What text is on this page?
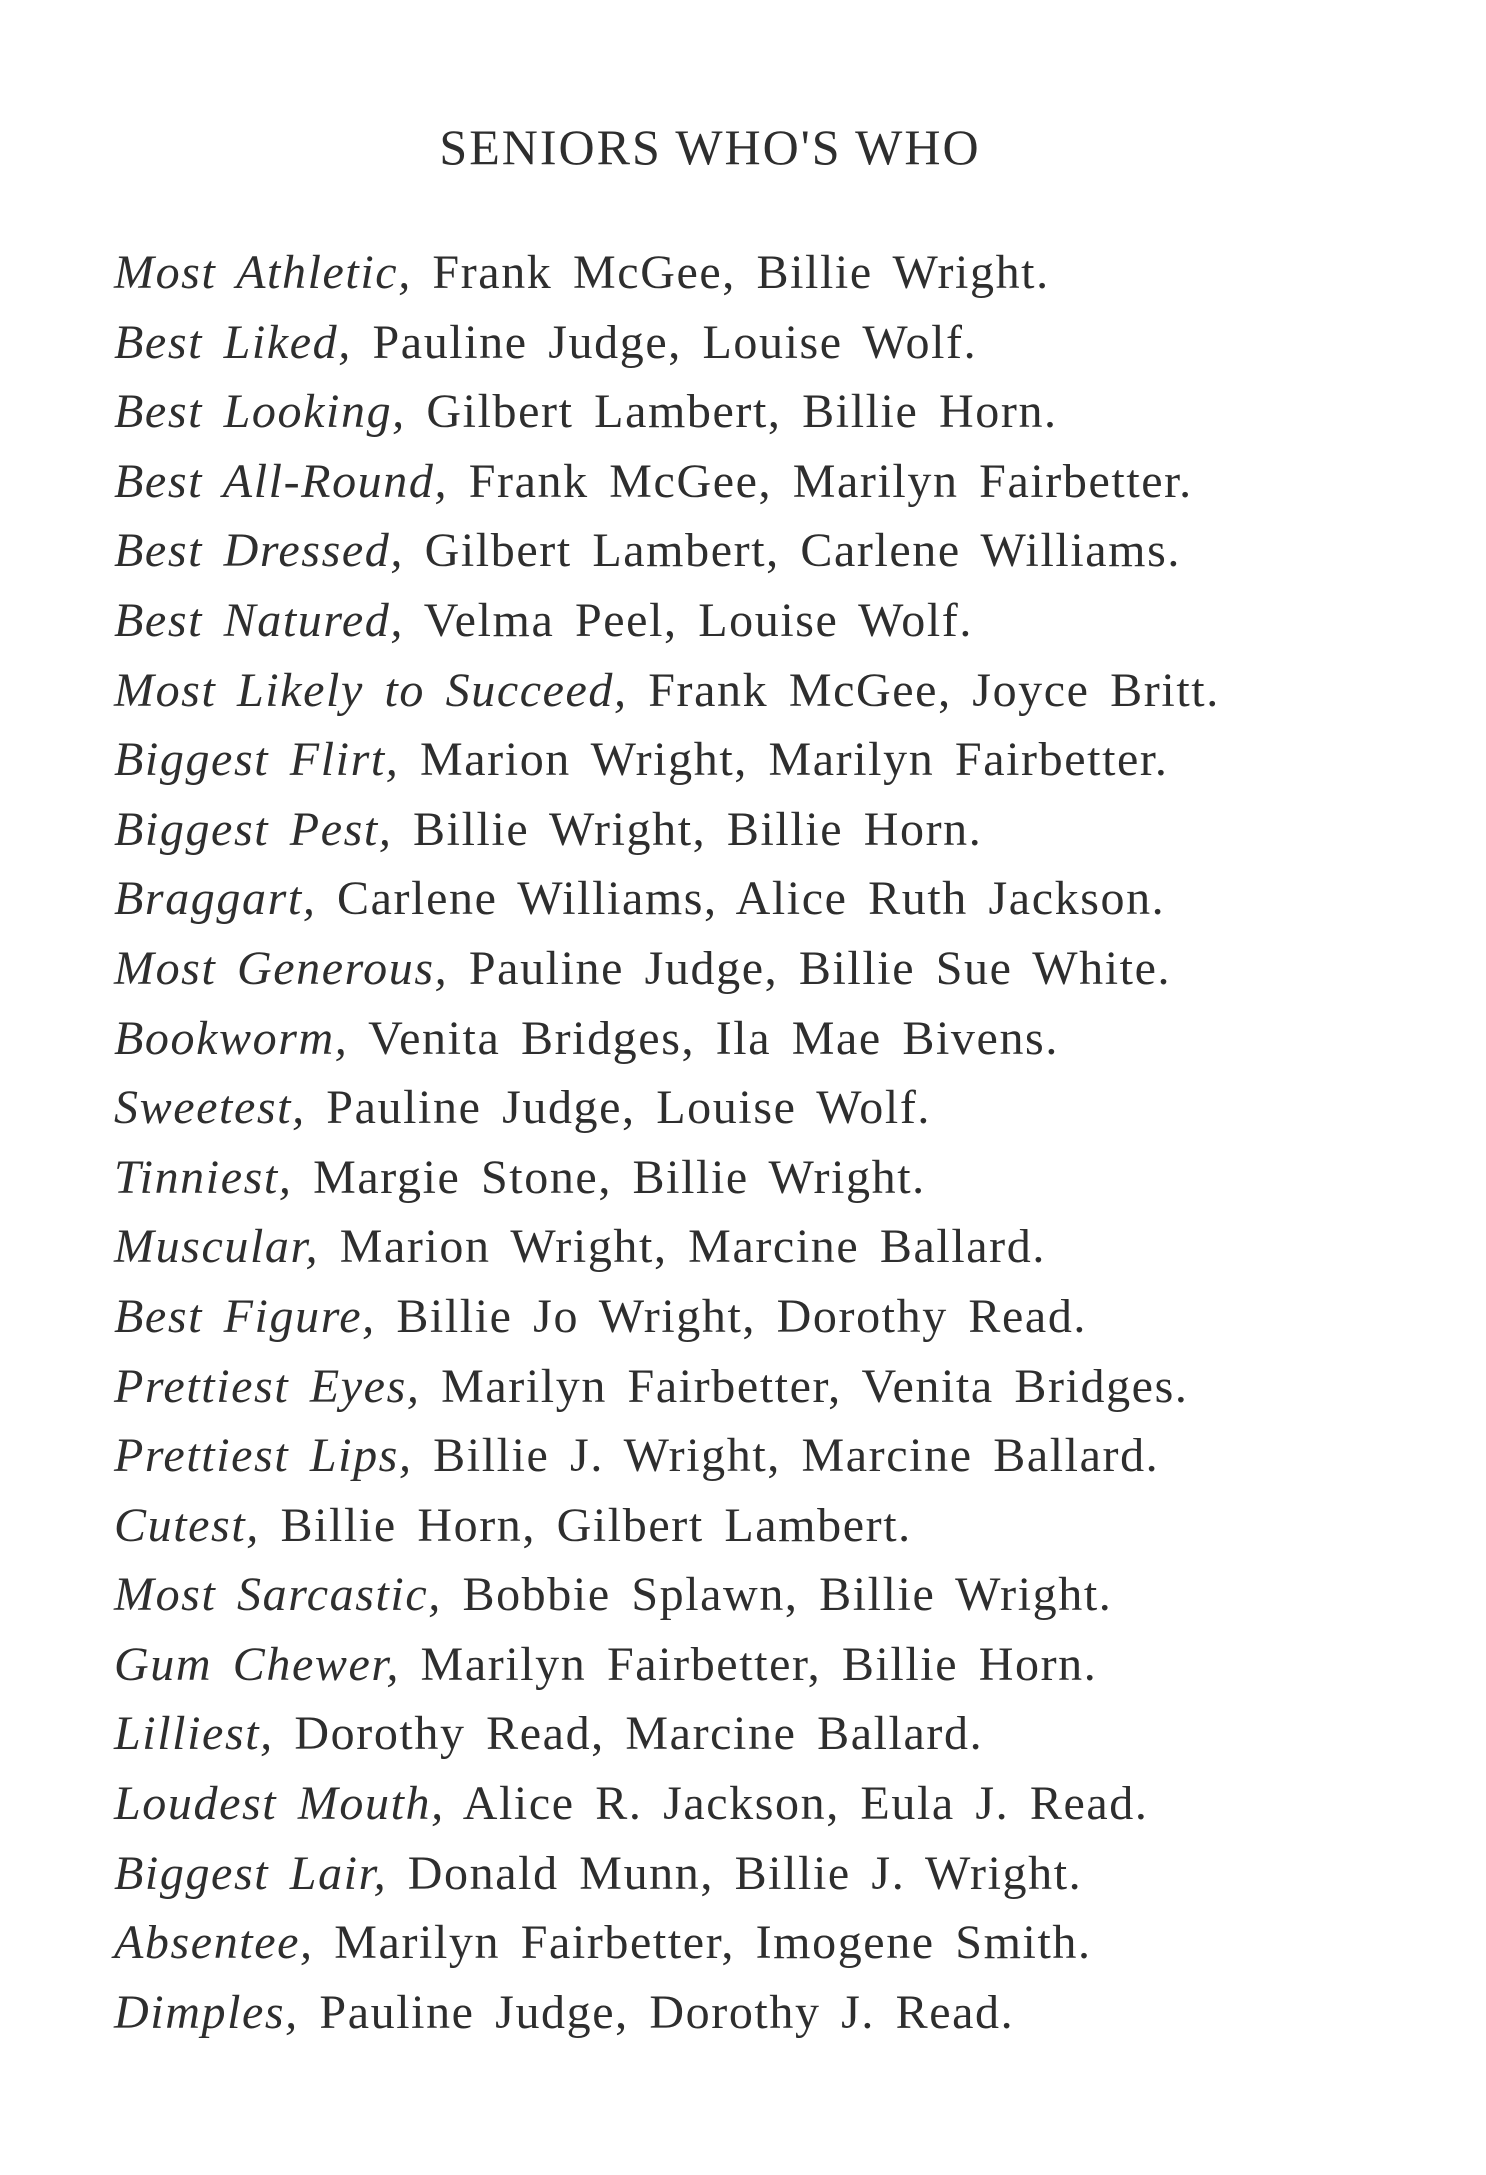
SENIORS WHO'S WHO
Most Athletic, Frank McGee, Billie Wright.
Best Liked, Pauline Judge, Louise Wolf.
Best Looking, Gilbert Lambert, Billie Horn.
Best All-Round, Frank McGee, Marilyn Fairbetter.
Best Dressed, Gilbert Lambert, Carlene Williams.
Best Natured, Velma Peel, Louise Wolf.
Most Likely to Succeed, Frank McGee, Joyce Britt.
Biggest Flirt, Marion Wright, Marilyn Fairbetter.
Biggest Pest, Billie Wright, Billie Horn.
Braggart, Carlene Williams, Alice Ruth Jackson.
Most Generous, Pauline Judge, Billie Sue White.
Bookworm, Venita Bridges, Ila Mae Bivens.
Sweetest, Pauline Judge, Louise Wolf.
Tinniest, Margie Stone, Billie Wright.
Muscular, Marion Wright, Marcine Ballard.
Best Figure, Billie Jo Wright, Dorothy Read.
Prettiest Eyes, Marilyn Fairbetter, Venita Bridges.
Prettiest Lips, Billie J. Wright, Marcine Ballard.
Cutest, Billie Horn, Gilbert Lambert.
Most Sarcastic, Bobbie Splawn, Billie Wright.
Gum Chewer, Marilyn Fairbetter, Billie Horn.
Lilliest, Dorothy Read, Marcine Ballard.
Loudest Mouth, Alice R. Jackson, Eula J. Read.
Biggest Lair, Donald Munn, Billie J. Wright.
Absentee, Marilyn Fairbetter, Imogene Smith.
Dimples, Pauline Judge, Dorothy J. Read.
